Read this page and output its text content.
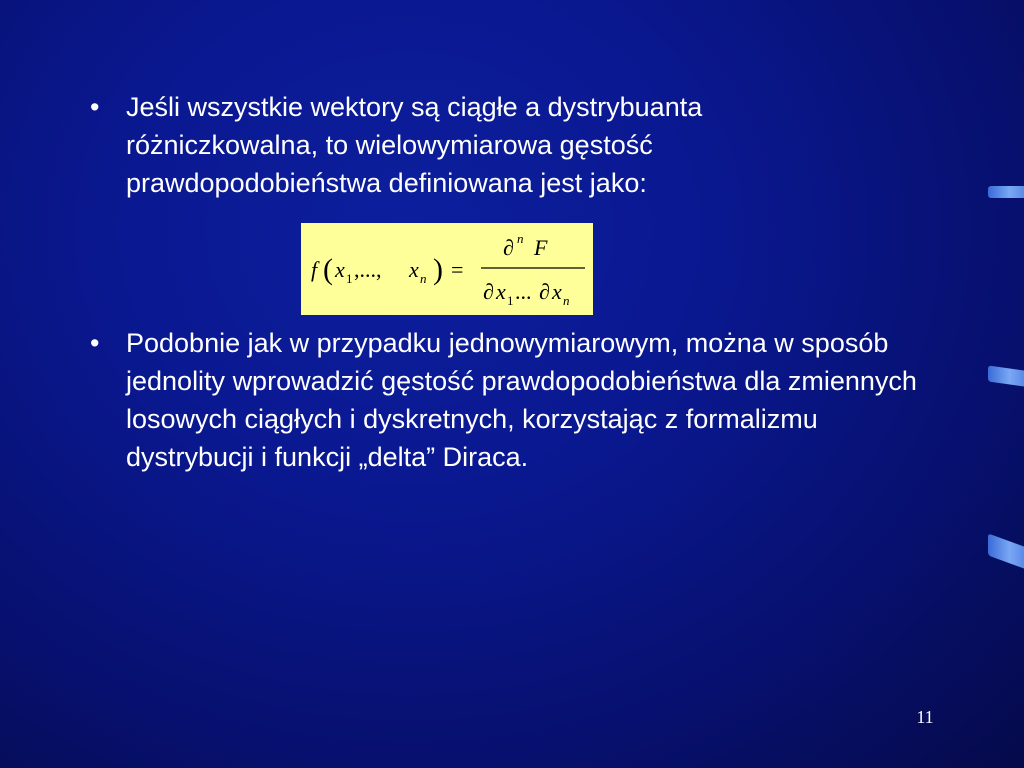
• Jeśli wszystkie wektory są ciągłe a dystrybuanta różniczkowalna, to wielowymiarowa gęstość prawdopodobieństwa definiowana jest jako:
f ( x 1 ,..., x n ) =
∂ n F
∂ x 1 ... ∂ x n
• Podobnie jak w przypadku jednowymiarowym, można w sposób jednolity wprowadzić gęstość prawdopodobieństwa dla zmiennych losowych ciągłych i dyskretnych, korzystając z formalizmu dystrybucji i funkcji „delta” Diraca.
11
